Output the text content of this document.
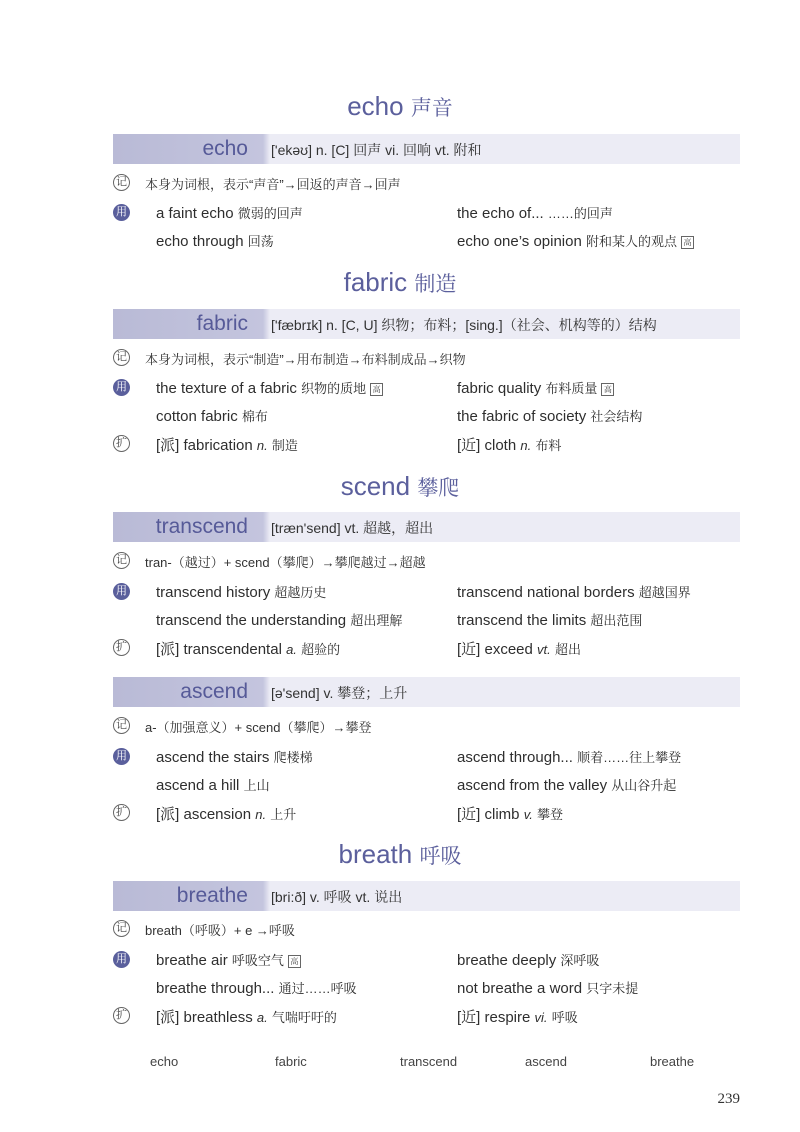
echo 声音
echo ['ekəʊ] n. [C] 回声 vi. 回响 vt. 附和
记 本身为词根，表示“声音”→回返的声音→回声
用 a faint echo 微弱的回声	the echo of... ……的回声
echo through 回荡	echo one’s opinion 附和某人的观点 高
fabric 制造
fabric ['fæbrɪk] n. [C, U] 织物；布料；[sing.]（社会、机构等的）结构
记 本身为词根，表示“制造”→用布制造→布料制成品→织物
用 the texture of a fabric 织物的质地 高	fabric quality 布料质量 高
cotton fabric 棉布	the fabric of society 社会结构
扩 [派] fabrication n. 制造	[近] cloth n. 布料
scend 攀爬
transcend [træn'send] vt. 超越，超出
记 tran-（越过）+ scend（攀爬）→攀爬越过→超越
用 transcend history 超越历史	transcend national borders 超越国界
transcend the understanding 超出理解	transcend the limits 超出范围
扩 [派] transcendental a. 超验的	[近] exceed vt. 超出
ascend [ə'send] v. 攀登；上升
记 a-（加强意义）+ scend（攀爬）→攀登
用 ascend the stairs 爬楼梯	ascend through... 顺着……往上攀登
ascend a hill 上山	ascend from the valley 从山谷升起
扩 [派] ascension n. 上升	[近] climb v. 攀登
breath 呼吸
breathe [bri:ð] v. 呼吸 vt. 说出
记 breath（呼吸）+ e →呼吸
用 breathe air 呼吸空气 高	breathe deeply 深呼吸
breathe through... 通过……呼吸	not breathe a word 只字未提
扩 [派] breathless a. 气喘吁吁的	[近] respire vi. 呼吸
echo	fabric	transcend	ascend	breathe
239
